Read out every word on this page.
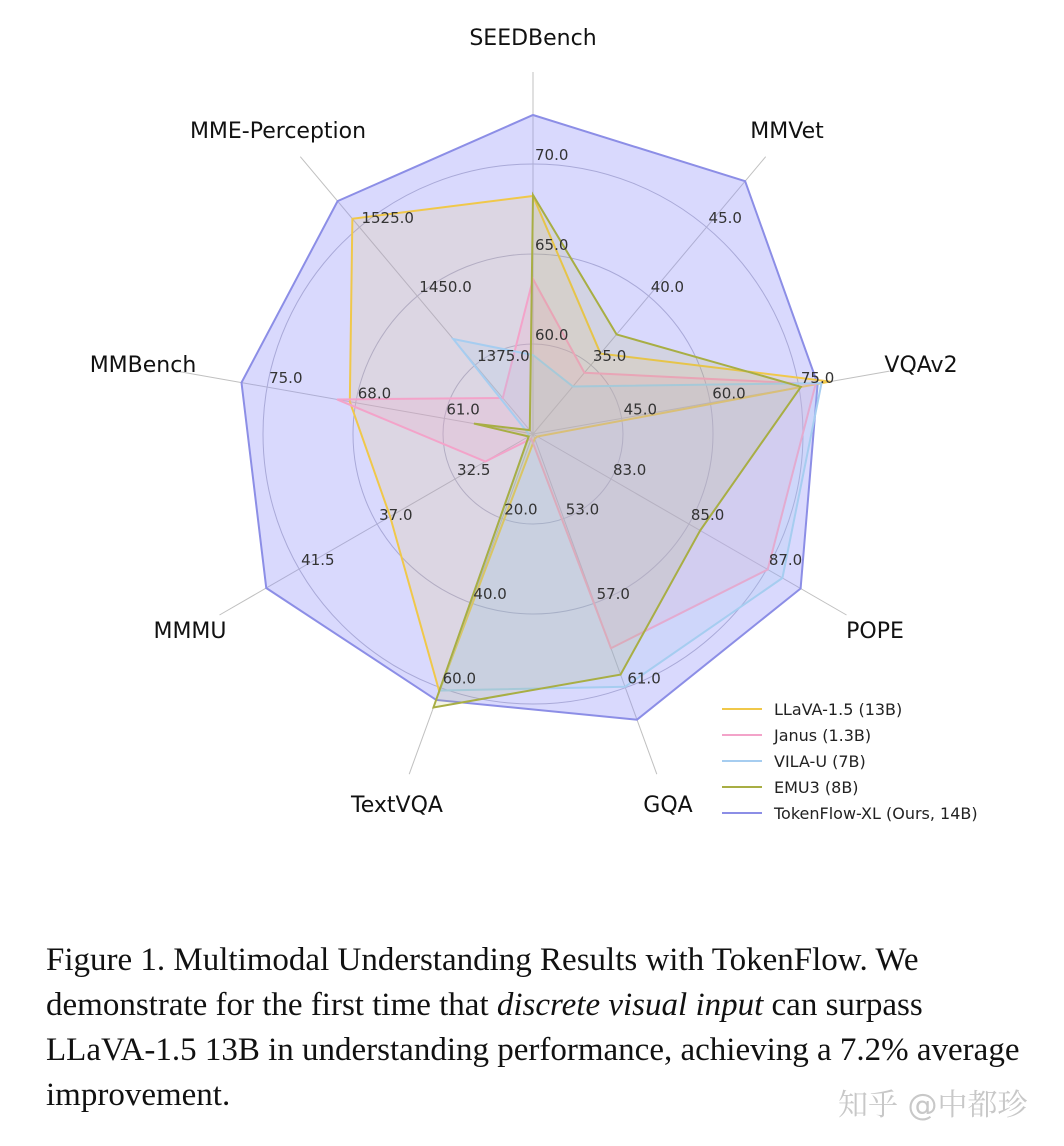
60.0
65.0
70.0
35.0
40.0
45.0
45.0
60.0
75.0
83.0
85.0
87.0
53.0
57.0
61.0
20.0
40.0
60.0
32.5
37.0
41.5
61.0
68.0
75.0
1375.0
1450.0
1525.0
SEEDBench
MMVet
VQAv2
POPE
GQA
TextVQA
MMMU
MMBench
MME-Perception
LLaVA-1.5 (13B)
Janus (1.3B)
VILA-U (7B)
EMU3 (8B)
TokenFlow-XL (Ours, 14B)
Figure 1. Multimodal Understanding Results with TokenFlow. We demonstrate for the first time that discrete visual input can surpass LLaVA-1.5 13B in understanding performance, achieving a 7.2% average improvement.	知乎 @中都珍
